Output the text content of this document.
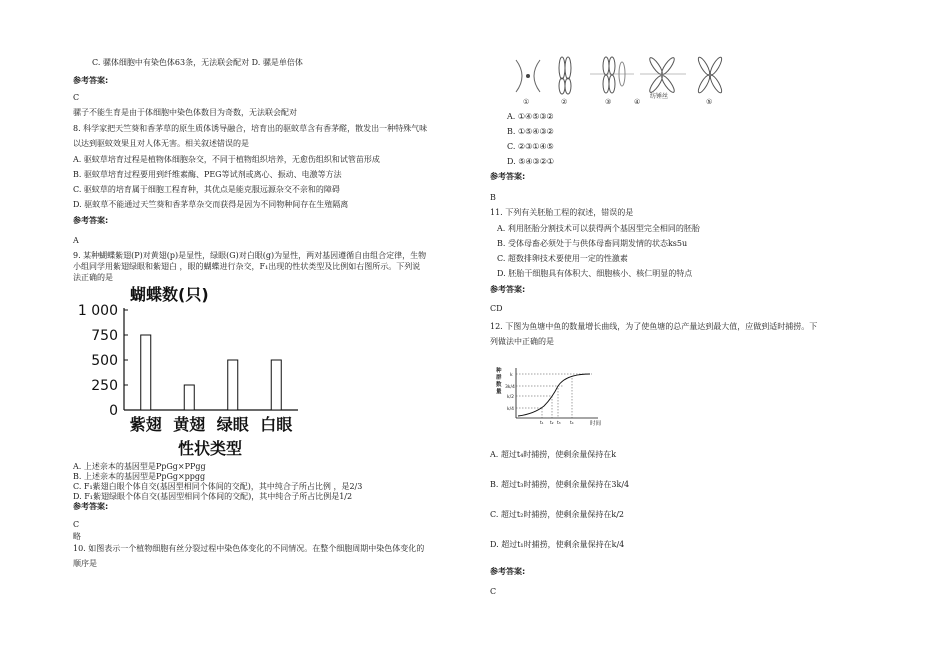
C. 骡体细胞中有染色体63条，无法联会配对 D. 骡是单倍体
参考答案:
C
骡子不能生育是由于体细胞中染色体数目为奇数，无法联会配对
8. 科学家把天竺葵和香茅草的原生质体诱导融合，培育出的驱蚊草含有香茅醛，散发出一种特殊气味
以达到驱蚊效果且对人体无害。相关叙述错误的是
A. 驱蚊草培育过程是植物体细胞杂交，不同于植物组织培养，无愈伤组织和试管苗形成
B. 驱蚊草培育过程要用到纤维素酶、PEG等试剂或离心、振动、电激等方法
C. 驱蚊草的培育属于细胞工程育种，其优点是能克服远源杂交不亲和的障碍
D. 驱蚊草不能通过天竺葵和香茅草杂交而获得是因为不同物种间存在生殖隔离
参考答案:
A
9. 某种蝴蝶紫翅(P)对黄翅(p)是显性，绿眼(G)对白眼(g)为显性，两对基因遵循自由组合定律，生物
小组同学用紫翅绿眼和紫翅白 ，眼的蝴蝶进行杂交，F₁出现的性状类型及比例如右图所示。下列说
法正确的是
蝴蝶数(只)
0
250
500
750
1 000
紫翅 黄翅 绿眼 白眼
性状类型
A. 上述亲本的基因型是PpGg×PPgg
B. 上述亲本的基因型是PpGg×ppgg
C. F₁紫翅白眼个体自交(基因型相同个体间的交配)，其中纯合子所占比例 ，是2/3
D. F₁紫翅绿眼个体自交(基因型相同个体间的交配)，其中纯合子所占比例是1/2
参考答案:
C
略
10. 如图表示一个植物细胞有丝分裂过程中染色体变化的不同情况。在整个细胞周期中染色体变化的
顺序是
纺锤丝
①	②	③	④	⑤
A. ①④⑤③②
B. ①⑤④③②
C. ②③①④⑤
D. ⑤④③②①
参考答案:
B
11. 下列有关胚胎工程的叙述，错误的是
A. 利用胚胎分割技术可以获得两个基因型完全相同的胚胎
B. 受体母畜必须处于与供体母畜同期发情的状态ks5u
C. 超数排卵技术要使用一定的性激素
D. 胚胎干细胞具有体积大、细胞核小、核仁明显的特点
参考答案:
CD
12. 下图为鱼塘中鱼的数量增长曲线，为了使鱼塘的总产量达到最大值，应做到适时捕捞。下
列做法中正确的是
种 群 数 量
k
3k/4
k/2
k/4
t₁ t₂ t₃ t₄	时间
A. 超过t₄时捕捞，使剩余量保持在k
B. 超过t₃时捕捞，使剩余量保持在3k/4
C. 超过t₂时捕捞，使剩余量保持在k/2
D. 超过t₁时捕捞，使剩余量保持在k/4
参考答案:
C
